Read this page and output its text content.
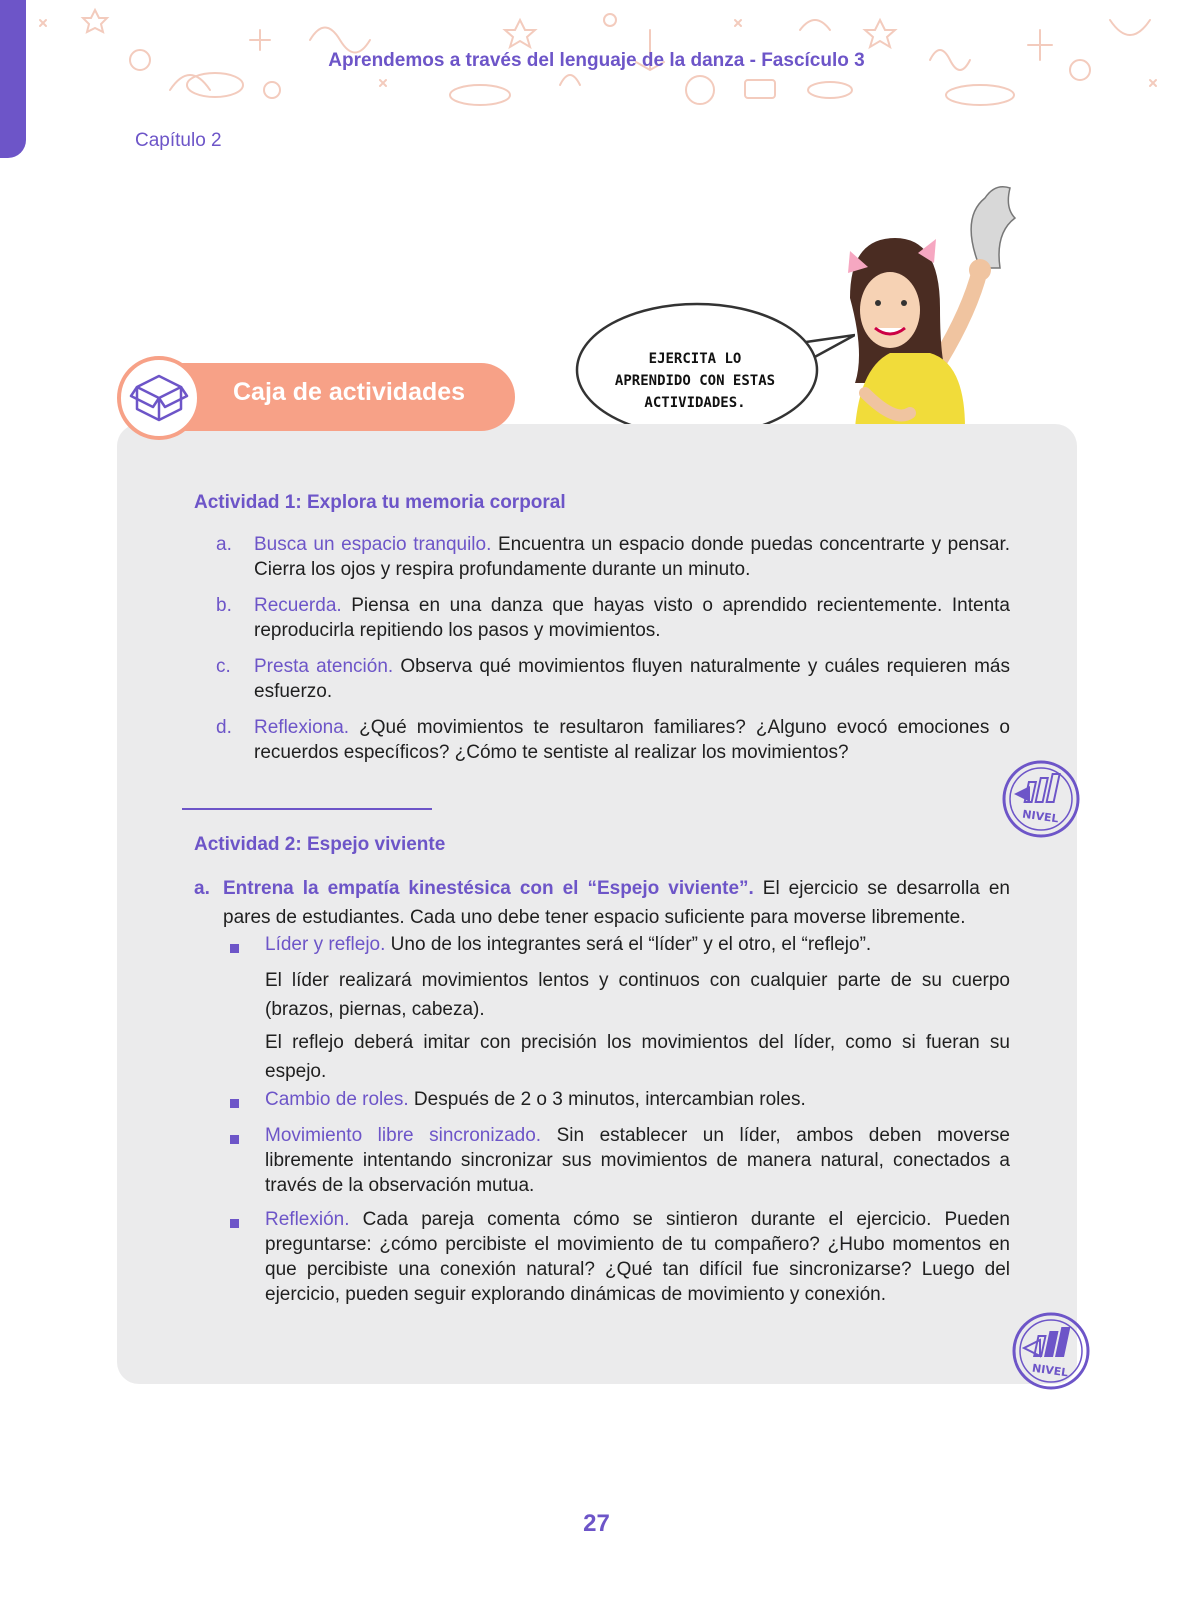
Aprendemos a través del lenguaje de la danza - Fascículo 3
Capítulo 2
EJERCITA LO
APRENDIDO CON ESTAS
ACTIVIDADES.
Caja de actividades
Actividad 1: Explora tu memoria corporal
a. Busca un espacio tranquilo. Encuentra un espacio donde puedas concentrarte y pensar. Cierra los ojos y respira profundamente durante un minuto.
b. Recuerda. Piensa en una danza que hayas visto o aprendido recientemente. Intenta reproducirla repitiendo los pasos y movimientos.
c. Presta atención. Observa qué movimientos fluyen naturalmente y cuáles requieren más esfuerzo.
d. Reflexiona. ¿Qué movimientos te resultaron familiares? ¿Alguno evocó emociones o recuerdos específicos? ¿Cómo te sentiste al realizar los movimientos?
NIVEL
Actividad 2: Espejo viviente
a. Entrena la empatía kinestésica con el “Espejo viviente”. El ejercicio se desarrolla en pares de estudiantes. Cada uno debe tener espacio suficiente para moverse libremente.
Líder y reflejo. Uno de los integrantes será el “líder” y el otro, el “reflejo”.
El líder realizará movimientos lentos y continuos con cualquier parte de su cuerpo (brazos, piernas, cabeza).
El reflejo deberá imitar con precisión los movimientos del líder, como si fueran su espejo.
Cambio de roles. Después de 2 o 3 minutos, intercambian roles.
Movimiento libre sincronizado. Sin establecer un líder, ambos deben moverse libremente intentando sincronizar sus movimientos de manera natural, conectados a través de la observación mutua.
Reflexión. Cada pareja comenta cómo se sintieron durante el ejercicio. Pueden preguntarse: ¿cómo percibiste el movimiento de tu compañero? ¿Hubo momentos en que percibiste una conexión natural? ¿Qué tan difícil fue sincronizarse? Luego del ejercicio, pueden seguir explorando dinámicas de movimiento y conexión.
NIVEL
27
